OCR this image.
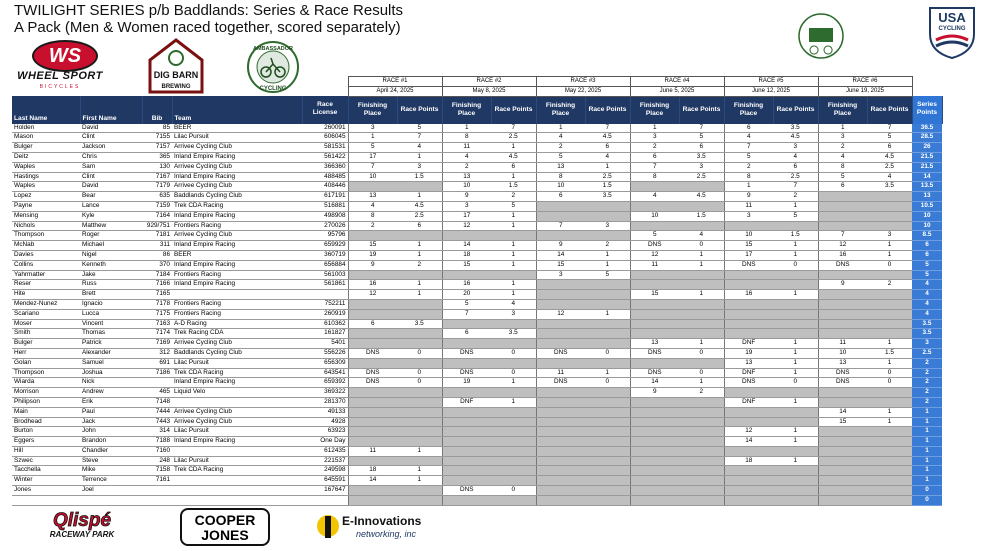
TWILIGHT SERIES p/b Baddlands: Series & Race Results
A Pack (Men & Women raced together, scored separately)
WS
WHEEL SPORT
BICYCLES
DIG BARN
BREWING
AMBASSADOR
CYCLING
USA
CYCLING
					RACE #1		RACE #2		RACE #3		RACE #4		RACE #5		RACE #6		
					April 24, 2025		May 8, 2025		May 22, 2025		June 5, 2025		June 12, 2025		June 19, 2025		
Last Name	First Name	Bib	Team	Race License	Finishing Place	Race Points	Finishing Place	Race Points	Finishing Place	Race Points	Finishing Place	Race Points	Finishing Place	Race Points	Finishing Place	Race Points	Series Points
Holden	David	85	BEER	260091	3	5	1	7	1	7	1	7	6	3.5	1	7	36.5
Mason	Clint	7155	Lilac Pursuit	606045	1	7	8	2.5	4	4.5	3	5	4	4.5	3	5	28.5
Bulger	Jackson	7157	Arrivee Cycling Club	581531	5	4	11	1	2	6	2	6	7	3	2	6	26
Deitz	Chris	365	Inland Empire Racing	561422	17	1	4	4.5	5	4	6	3.5	5	4	4	4.5	21.5
Waples	Sam	130	Arrivee Cycling Club	366360	7	3	2	6	13	1	7	3	2	6	8	2.5	21.5
Hastings	Clint	7167	Inland Empire Racing	488485	10	1.5	13	1	8	2.5	8	2.5	8	2.5	5	4	14
Waples	David	7179	Arrivee Cycling Club	408446			10	1.5	10	1.5			1	7	6	3.5	13.5
Lopez	Bear	635	Baddlands Cycling Club	617191	13	1	9	2	6	3.5	4	4.5	9	2			13
Payne	Lance	7159	Trek CDA Racing	516881	4	4.5	3	5					11	1			10.5
Mensing	Kyle	7164	Inland Empire Racing	498908	8	2.5	17	1			10	1.5	3	5			10
Nichols	Matthew	929/751	Frontiers Racing	270026	2	6	12	1	7	3							10
Thompson	Roger	7181	Arrivee Cycling Club	95796							5	4	10	1.5	7	3	8.5
McNab	Michael	311	Inland Empire Racing	659929	15	1	14	1	9	2	DNS	0	15	1	12	1	6
Davies	Nigel	86	BEER	360719	19	1	18	1	14	1	12	1	17	1	16	1	6
Collins	Kenneth	370	Inland Empire Racing	656884	9	2	15	1	15	1	11	1	DNS	0	DNS	0	5
Yahrmatter	Jake	7184	Frontiers Racing	561003					3	5							5
Reser	Russ	7166	Inland Empire Racing	561861	16	1	16	1							9	2	4
Hite	Brett	7165			12	1	20	1			15	1	16	1			4
Mendez-Nunez	Ignacio	7178	Frontiers Racing	752211			5	4									4
Scariano	Lucca	7175	Frontiers Racing	260919			7	3	12	1							4
Moser	Vincent	7163	A-D Racing	610362	6	3.5											3.5
Smith	Thomas	7174	Trek Racing CDA	161827			6	3.5									3.5
Bulger	Patrick	7169	Arrivee Cycling Club	5401							13	1	DNF	1	11	1	3
Herr	Alexander	312	Baddlands Cycling Club	556226	DNS	0	DNS	0	DNS	0	DNS	0	19	1	10	1.5	2.5
Golan	Samuel	691	Lilac Pursuit	656309									13	1	13	1	2
Thompson	Joshua	7186	Trek CDA Racing	643541	DNS	0	DNS	0	11	1	DNS	0	DNF	1	DNS	0	2
Wiarda	Nick		Inland Empire Racing	659392	DNS	0	19	1	DNS	0	14	1	DNS	0	DNS	0	2
Morrison	Andrew	465	Liquid Velo	369322							9	2					2
Philipson	Erik	7148		281370			DNF	1					DNF	1			2
Main	Paul	7444	Arrivee Cycling Club	49133											14	1	1
Brodhead	Jack	7443	Arrivee Cycling Club	4928											15	1	1
Burton	John	314	Lilac Pursuit	63923									12	1			1
Eggers	Brandon	7188	Inland Empire Racing	One Day									14	1			1
Hill	Chandler	7160		612435	11	1											1
Szwec	Steve	248	Lilac Pursuit	221537									18	1			1
Tacchella	Mike	7158	Trek CDA Racing	249598	18	1											1
Winter	Terrence	7161		645591	14	1											1
Jones	Joel			167647			DNS	0									0
																	0
Qlispé
RACEWAY PARK
COOPER
JONES
E-Innovations
networking, inc
